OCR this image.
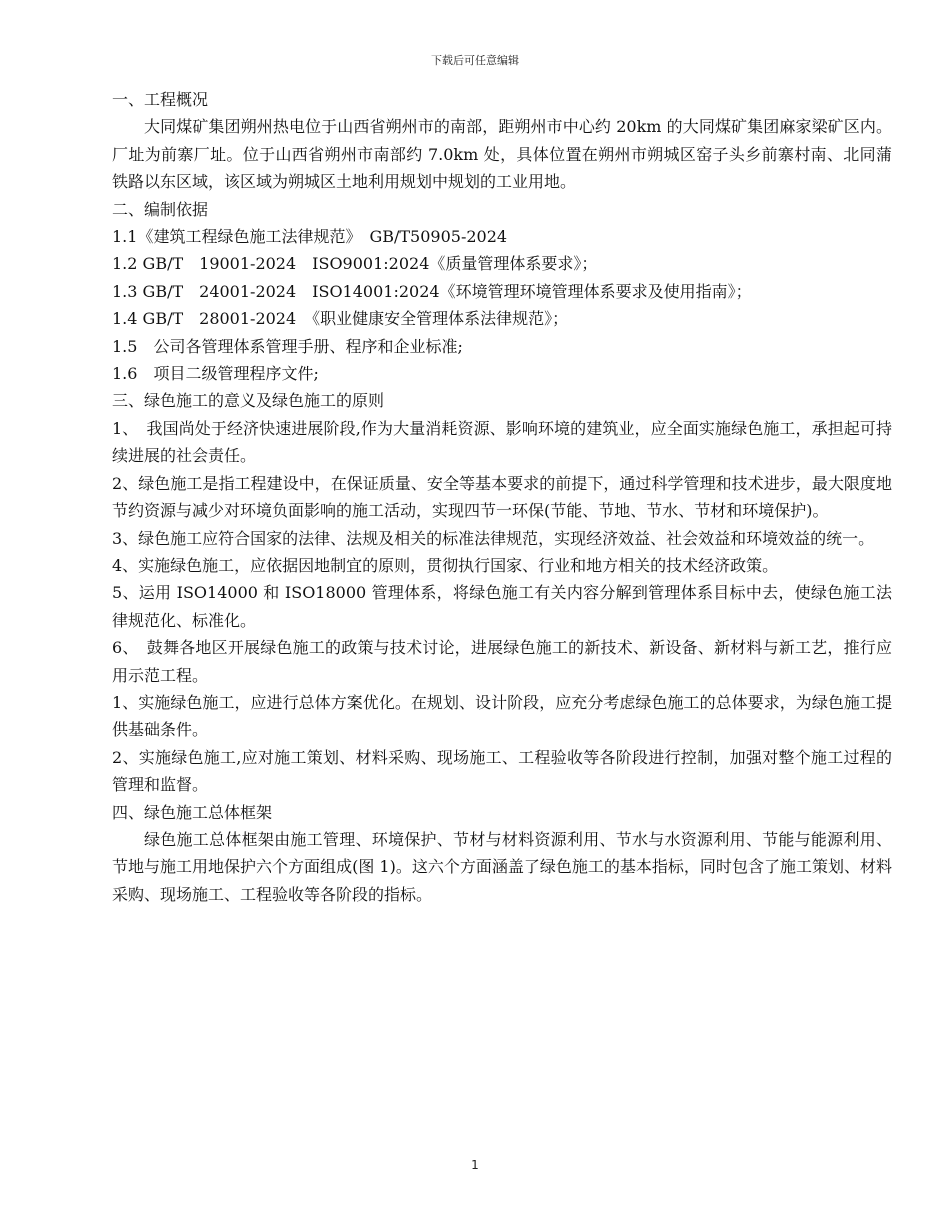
下载后可任意编辑

一、工程概况

大同煤矿集团朔州热电位于山西省朔州市的南部，距朔州市中心约 20km 的大同煤矿集团麻家梁矿区内。厂址为前寨厂址。位于山西省朔州市南部约 7.0km 处，具体位置在朔州市朔城区窑子头乡前寨村南、北同蒲铁路以东区域，该区域为朔城区土地利用规划中规划的工业用地。

二、编制依据

1.1《建筑工程绿色施工法律规范》　GB/T50905-2024

1.2 GB/T　19001-2024　ISO9001:2024《质量管理体系要求》；

1.3 GB/T　24001-2024　ISO14001:2024《环境管理环境管理体系要求及使用指南》；

1.4 GB/T　28001-2024　《职业健康安全管理体系法律规范》；

1.5　公司各管理体系管理手册、程序和企业标准;

1.6　项目二级管理程序文件;

三、绿色施工的意义及绿色施工的原则

1、　我国尚处于经济快速进展阶段,作为大量消耗资源、影响环境的建筑业，应全面实施绿色施工，承担起可持续进展的社会责任。

2、绿色施工是指工程建设中，在保证质量、安全等基本要求的前提下，通过科学管理和技术进步，最大限度地节约资源与减少对环境负面影响的施工活动，实现四节一环保(节能、节地、节水、节材和环境保护)。

3、绿色施工应符合国家的法律、法规及相关的标准法律规范，实现经济效益、社会效益和环境效益的统一。

4、实施绿色施工，应依据因地制宜的原则，贯彻执行国家、行业和地方相关的技术经济政策。

5、运用 ISO14000 和 ISO18000 管理体系，将绿色施工有关内容分解到管理体系目标中去，使绿色施工法律规范化、标准化。

6、　鼓舞各地区开展绿色施工的政策与技术讨论，进展绿色施工的新技术、新设备、新材料与新工艺，推行应用示范工程。

1、实施绿色施工，应进行总体方案优化。在规划、设计阶段，应充分考虑绿色施工的总体要求，为绿色施工提供基础条件。

2、实施绿色施工,应对施工策划、材料采购、现场施工、工程验收等各阶段进行控制，加强对整个施工过程的管理和监督。

四、绿色施工总体框架

绿色施工总体框架由施工管理、环境保护、节材与材料资源利用、节水与水资源利用、节能与能源利用、节地与施工用地保护六个方面组成(图 1)。这六个方面涵盖了绿色施工的基本指标，同时包含了施工策划、材料采购、现场施工、工程验收等各阶段的指标。

1
